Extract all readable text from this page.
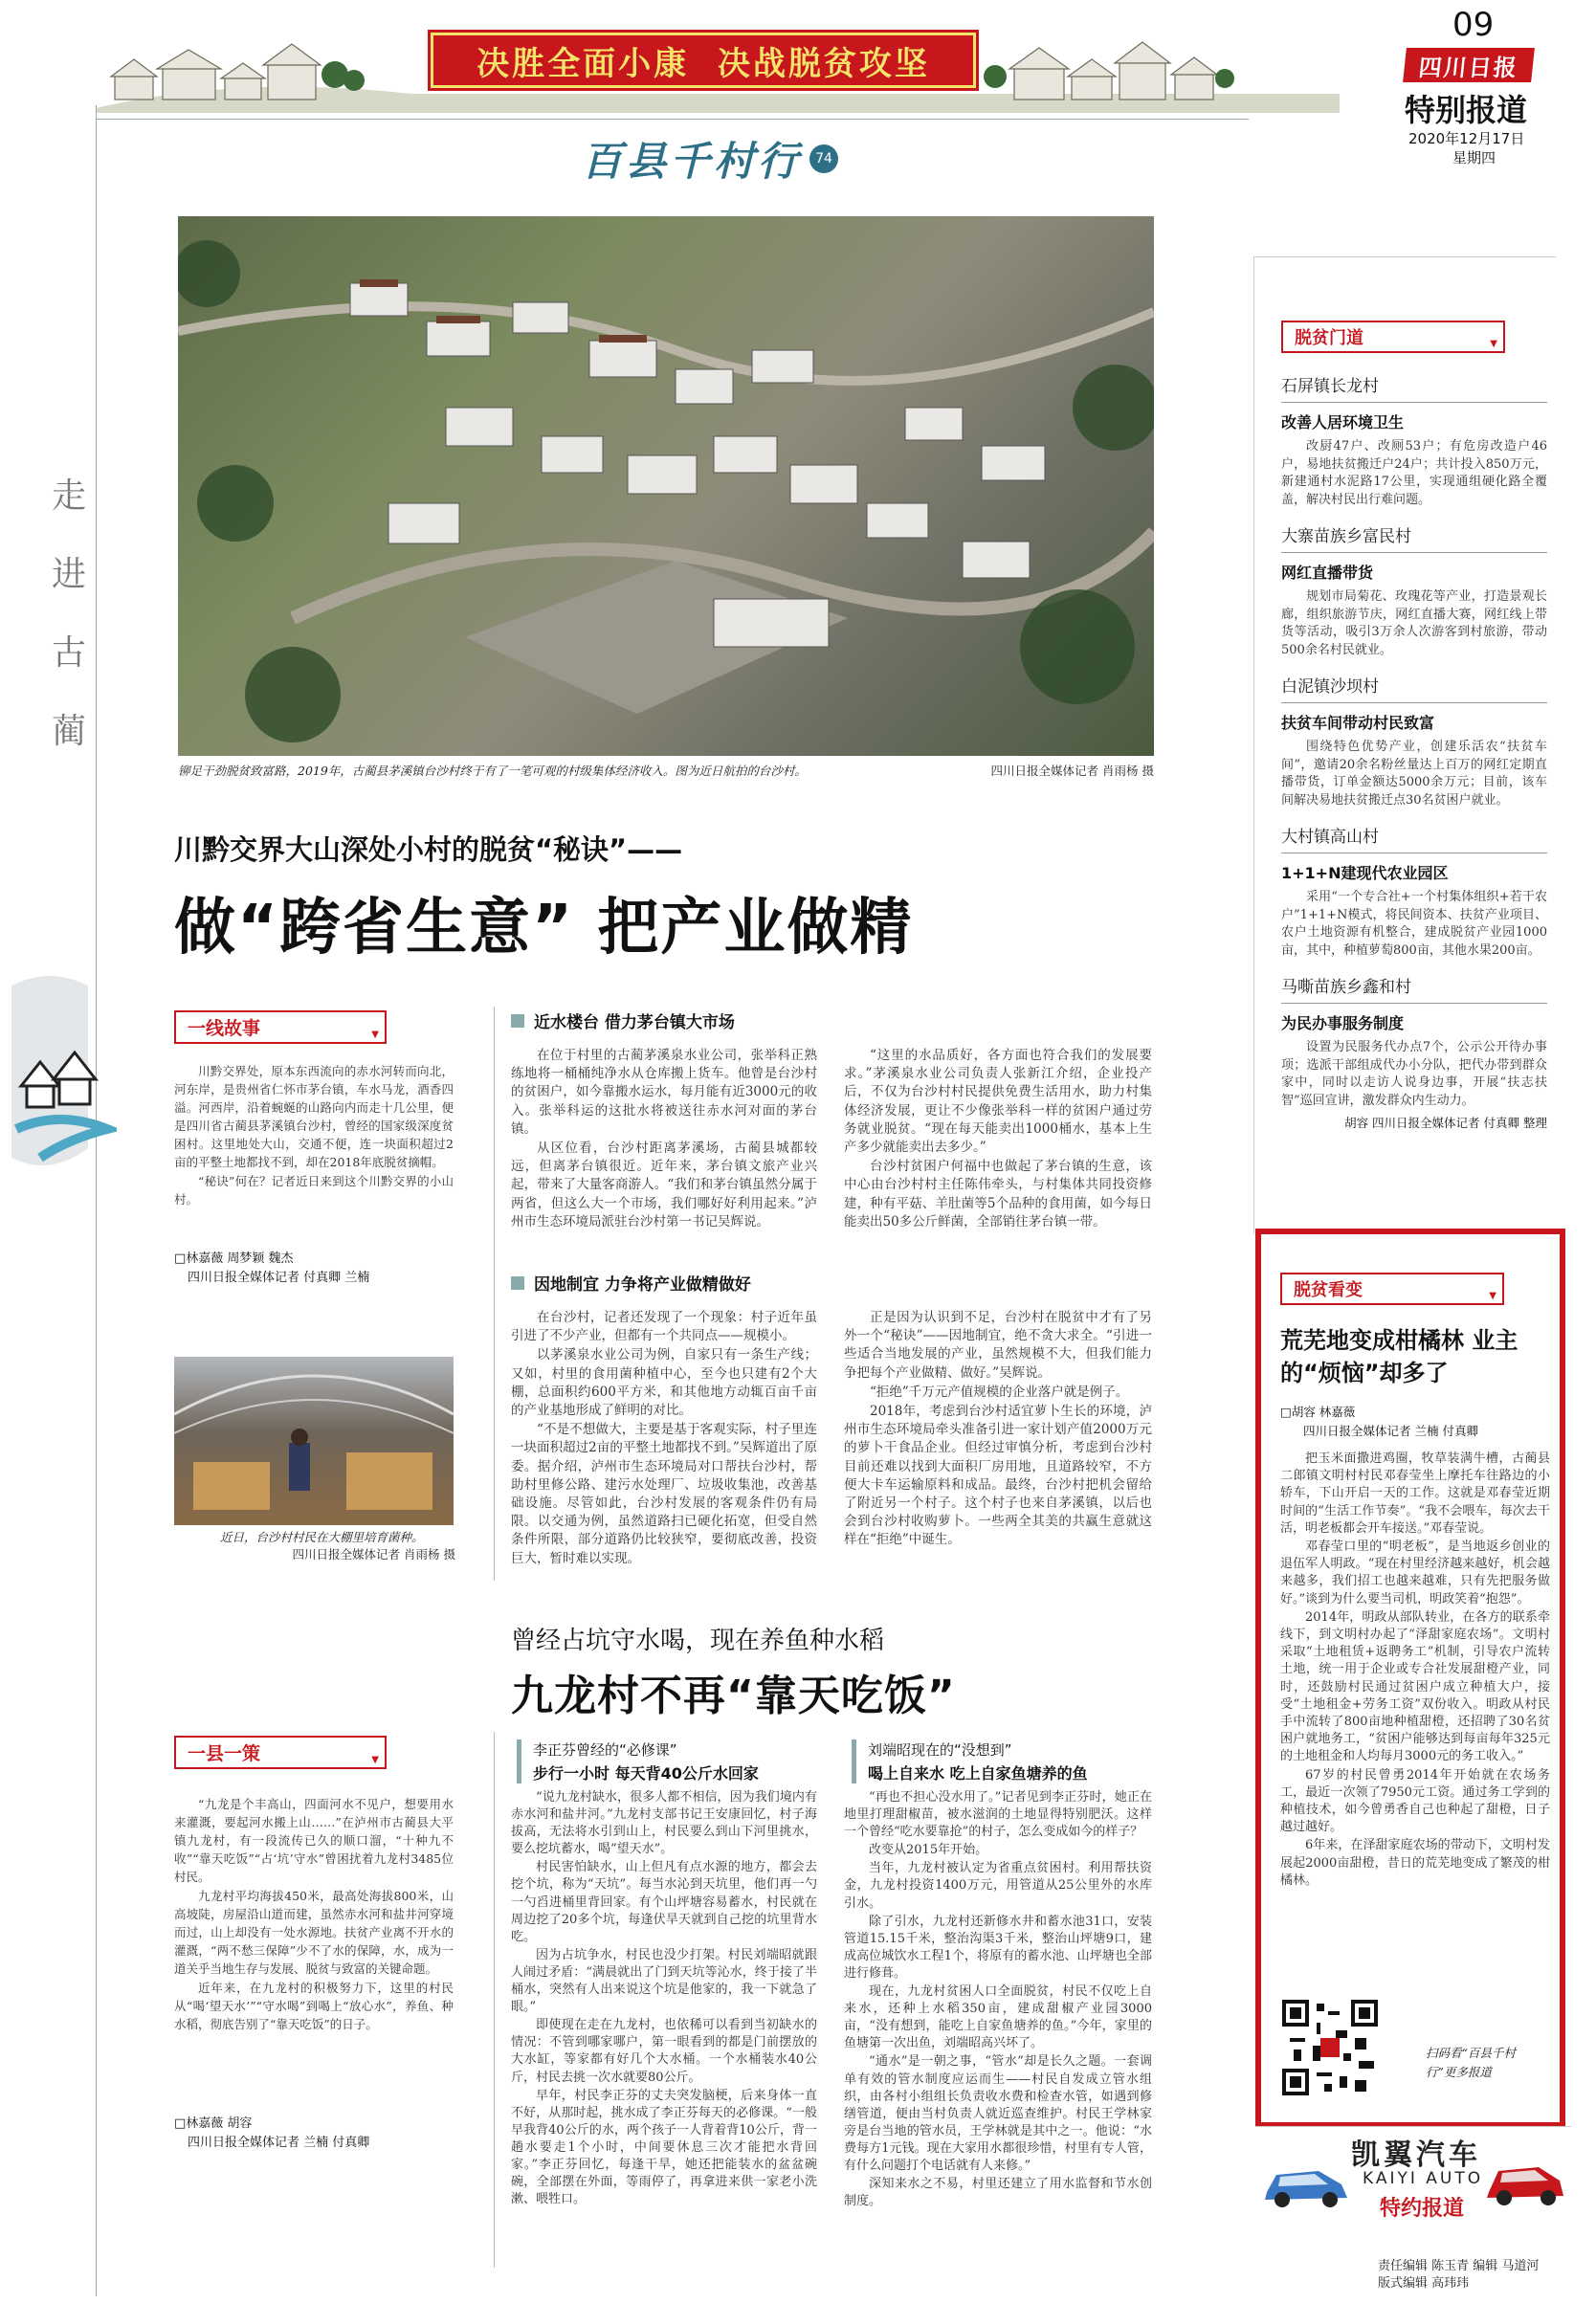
决胜全面小康  决战脱贫攻坚
09
四川日报
特别报道
2020年12月17日
星期四
走
进
古
蔺
百县千村行	74
铆足干劲脱贫致富路，2019年，古蔺县茅溪镇台沙村终于有了一笔可观的村级集体经济收入。图为近日航拍的台沙村。	四川日报全媒体记者 肖雨杨 摄
川黔交界大山深处小村的脱贫“秘诀”——
做“跨省生意” 把产业做精
一线故事	▼

川黔交界处，原本东西流向的赤水河转而向北，河东岸，是贵州省仁怀市茅台镇，车水马龙，酒香四溢。河西岸，沿着蜿蜒的山路向内而走十几公里，便是四川省古蔺县茅溪镇台沙村，曾经的国家级深度贫困村。这里地处大山，交通不便，连一块面积超过2亩的平整土地都找不到，却在2018年底脱贫摘帽。

“秘诀”何在？记者近日来到这个川黔交界的小山村。

□林嘉薇 周梦颖 魏杰
四川日报全媒体记者 付真卿 兰楠
近日，台沙村村民在大棚里培育菌种。
四川日报全媒体记者 肖雨杨 摄
近水楼台 借力茅台镇大市场

在位于村里的古蔺茅溪泉水业公司，张举科正熟练地将一桶桶纯净水从仓库搬上货车。他曾是台沙村的贫困户，如今靠搬水运水，每月能有近3000元的收入。张举科运的这批水将被送往赤水河对面的茅台镇。

从区位看，台沙村距离茅溪场，古蔺县城都较远，但离茅台镇很近。近年来，茅台镇文旅产业兴起，带来了大量客商游人。“我们和茅台镇虽然分属于两省，但这么大一个市场，我们哪好好利用起来。”泸州市生态环境局派驻台沙村第一书记吴辉说。

“这里的水品质好，各方面也符合我们的发展要求。”茅溪泉水业公司负责人张新江介绍，企业投产后，不仅为台沙村村民提供免费生活用水，助力村集体经济发展，更让不少像张举科一样的贫困户通过劳务就业脱贫。“现在每天能卖出1000桶水，基本上生产多少就能卖出去多少。”

台沙村贫困户何福中也做起了茅台镇的生意，该中心由台沙村村主任陈伟牵头，与村集体共同投资修建，种有平菇、羊肚菌等5个品种的食用菌，如今每日能卖出50多公斤鲜菌，全部销往茅台镇一带。

因地制宜 力争将产业做精做好

在台沙村，记者还发现了一个现象：村子近年虽引进了不少产业，但都有一个共同点——规模小。

以茅溪泉水业公司为例，自家只有一条生产线；又如，村里的食用菌种植中心，至今也只建有2个大棚，总面积约600平方米，和其他地方动辄百亩千亩的产业基地形成了鲜明的对比。

“不是不想做大，主要是基于客观实际，村子里连一块面积超过2亩的平整土地都找不到。”吴辉道出了原委。据介绍，泸州市生态环境局对口帮扶台沙村，帮助村里修公路、建污水处理厂、垃圾收集池，改善基础设施。尽管如此，台沙村发展的客观条件仍有局限。以交通为例，虽然道路扫已硬化拓宽，但受自然条件所限，部分道路仍比较狭窄，要彻底改善，投资巨大，暂时难以实现。

正是因为认识到不足，台沙村在脱贫中才有了另外一个“秘诀”——因地制宜，绝不贪大求全。“引进一些适合当地发展的产业，虽然规模不大，但我们能力争把每个产业做精、做好。”吴辉说。

“拒绝”千万元产值规模的企业落户就是例子。

2018年，考虑到台沙村适宜萝卜生长的环境，泸州市生态环境局牵头准备引进一家计划产值2000万元的萝卜干食品企业。但经过审慎分析，考虑到台沙村目前还难以找到大面积厂房用地，且道路较窄，不方便大卡车运输原料和成品。最终，台沙村把机会留给了附近另一个村子。这个村子也来自茅溪镇，以后也会到台沙村收购萝卜。一些两全其美的共赢生意就这样在“拒绝”中诞生。

曾经占坑守水喝，现在养鱼种水稻
九龙村不再“靠天吃饭”
一县一策	▼

“九龙是个丰高山，四面河水不见户，想要用水来灌溉，要起河水搬上山……”在泸州市古蔺县大平镇九龙村，有一段流传已久的顺口溜，“十种九不收”“靠天吃饭”“占‘坑’守水”曾困扰着九龙村3485位村民。

九龙村平均海拔450米，最高处海拔800米，山高坡陡，房屋沿山道而建，虽然赤水河和盐井河穿境而过，山上却没有一处水源地。扶贫产业离不开水的灌溉，“两不愁三保障”少不了水的保障，水，成为一道关乎当地生存与发展、脱贫与致富的关键命题。

近年来，在九龙村的积极努力下，这里的村民从“喝‘望天水’”“守水喝”到喝上“放心水”，养鱼、种水稻，彻底告别了“靠天吃饭”的日子。

□林嘉薇 胡容
四川日报全媒体记者 兰楠 付真卿
李正芬曾经的“必修课”
步行一小时 每天背40公斤水回家

“说九龙村缺水，很多人都不相信，因为我们境内有赤水河和盐井河。”九龙村支部书记王安康回忆，村子海拔高，无法将水引到山上，村民要么到山下河里挑水，要么挖坑蓄水，喝“望天水”。

村民害怕缺水，山上但凡有点水源的地方，都会去挖个坑，称为“天坑”。每当水沁到天坑里，他们再一勺一勺舀进桶里背回家。有个山坪塘容易蓄水，村民就在周边挖了20多个坑，每逢伏旱天就到自己挖的坑里背水吃。

因为占坑争水，村民也没少打架。村民刘端昭就跟人闹过矛盾：“满晨就出了门到天坑等沁水，终于接了半桶水，突然有人出来说这个坑是他家的，我一下就急了眼。”

即使现在走在九龙村，也依稀可以看到当初缺水的情况：不管到哪家哪户，第一眼看到的都是门前摆放的大水缸，等家都有好几个大水桶。一个水桶装水40公斤，村民去挑一次水就要80公斤。

早年，村民李正芬的丈夫突发脑梗，后来身体一直不好，从那时起，挑水成了李正芬每天的必修课。“一般早我背40公斤的水，两个孩子一人背着背10公斤，背一趟水要走1个小时，中间要休息三次才能把水背回家。”李正芬回忆，每逢干旱，她还把能装水的盆盆碗碗，全部摆在外面，等雨停了，再拿进来供一家老小洗漱、喂牲口。

刘端昭现在的“没想到”
喝上自来水 吃上自家鱼塘养的鱼

“再也不担心没水用了。”记者见到李正芬时，她正在地里打理甜椒苗，被水滋润的土地显得特别肥沃。这样一个曾经“吃水要靠抢”的村子，怎么变成如今的样子？

改变从2015年开始。

当年，九龙村被认定为省重点贫困村。利用帮扶资金，九龙村投资1400万元，用管道从25公里外的水库引水。

除了引水，九龙村还新修水井和蓄水池31口，安装管道15.15千米，整治沟渠3千米，整治山坪塘9口，建成高位城饮水工程1个，将原有的蓄水池、山坪塘也全部进行修葺。

现在，九龙村贫困人口全面脱贫，村民不仅吃上自来水，还种上水稻350亩，建成甜椒产业园3000亩，“没有想到，能吃上自家鱼塘养的鱼。”今年，家里的鱼塘第一次出鱼，刘端昭高兴坏了。

“通水”是一朝之事，“管水”却是长久之题。一套调单有效的管水制度应运而生——村民自发成立管水组织，由各村小组组长负责收水费和检查水管，如遇到修缮管道，便由当村负责人就近巡查维护。村民王学林家旁是台当地的管水员，王学林就是其中之一。他说：“水费每方1元钱。现在大家用水都很珍惜，村里有专人管，有什么问题打个电话就有人来修。”

深知来水之不易，村里还建立了用水监督和节水创制度。

脱贫门道	▼
石屏镇长龙村
改善人居环境卫生
改厨47户、改厕53户；有危房改造户46户，易地扶贫搬迁户24户；共计投入850万元，新建通村水泥路17公里，实现通组硬化路全覆盖，解决村民出行难问题。
大寨苗族乡富民村
网红直播带货
规划市局菊花、玫瑰花等产业，打造景观长廊，组织旅游节庆，网红直播大赛，网红线上带货等活动，吸引3万余人次游客到村旅游，带动500余名村民就业。
白泥镇沙坝村
扶贫车间带动村民致富
围绕特色优势产业，创建乐活农“扶贫车间”，邀请20余名粉丝量达上百万的网红定期直播带货，订单金额达5000余万元；目前，该车间解决易地扶贫搬迁点30名贫困户就业。
大村镇高山村
1+1+N建现代农业园区
采用“一个专合社+一个村集体组织+若干农户”1+1+N模式，将民间资本、扶贫产业项目、农户土地资源有机整合，建成脱贫产业园1000亩，其中，种植萝萄800亩，其他水果200亩。
马嘶苗族乡鑫和村
为民办事服务制度
设置为民服务代办点7个，公示公开待办事项；选派干部组成代办小分队，把代办带到群众家中，同时以走访人说身边事，开展“扶志扶智”巡回宣讲，激发群众内生动力。
胡容 四川日报全媒体记者 付真卿 整理
脱贫看变	▼
荒芜地变成柑橘林 业主的“烦恼”却多了
□胡容 林嘉薇
四川日报全媒体记者 兰楠 付真卿

把玉米面撒进鸡圈，牧草装满牛槽，古蔺县二郎镇文明村村民邓春莹坐上摩托车往路边的小轿车，下山开启一天的工作。这就是邓春莹近期时间的“生活工作节奏”。“我不会喂车，每次去干活，明老板都会开车接送。”邓春莹说。

邓春莹口里的“明老板”，是当地返乡创业的退伍军人明政。“现在村里经济越来越好，机会越来越多，我们招工也越来越难，只有先把服务做好。”谈到为什么要当司机，明政笑着“抱怨”。

2014年，明政从部队转业，在各方的联系牵线下，到文明村办起了“泽甜家庭农场”。文明村采取“土地租赁+返聘务工”机制，引导农户流转土地，统一用于企业或专合社发展甜橙产业，同时，还鼓励村民通过贫困户成立种植大户，接受“土地租金+劳务工资”双份收入。明政从村民手中流转了800亩地种植甜橙，还招聘了30名贫困户就地务工，“贫困户能够达到每亩每年325元的土地租金和人均每月3000元的务工收入。”

67岁的村民曾勇2014年开始就在农场务工，最近一次领了7950元工资。通过务工学到的种植技术，如今曾勇香自己也种起了甜橙，日子越过越好。

6年来，在泽甜家庭农场的带动下，文明村发展起2000亩甜橙，昔日的荒芜地变成了繁茂的柑橘林。

扫码看“百县千村行”更多报道
凯翼汽车
KAIYI AUTO
特约报道
责任编辑 陈玉青 编辑 马道河
版式编辑 高玮玮
